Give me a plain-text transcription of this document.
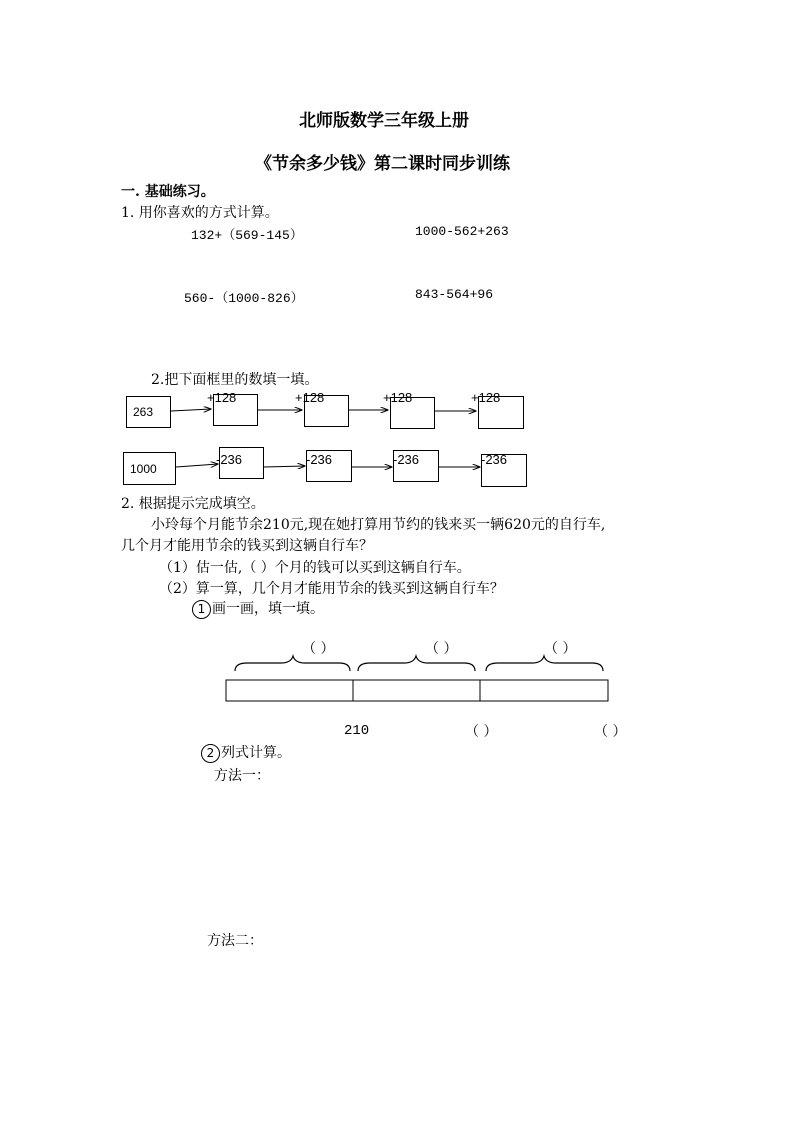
北师版数学三年级上册
《节余多少钱》第二课时同步训练
一. 基础练习。
1. 用你喜欢的方式计算。
132+（569-145）	1000-562+263
560-（1000-826）	843-564+96
2.把下面框里的数填一填。
263
+128	+128	+128	+128
1000
-236	-236	-236	-236
2. 根据提示完成填空。
小玲每个月能节余210元,现在她打算用节约的钱来买一辆620元的自行车,
几个月才能用节余的钱买到这辆自行车？
（1）估一估,（ ）个月的钱可以买到这辆自行车。
（2）算一算，几个月才能用节余的钱买到这辆自行车？
1 画一画，填一填。
（ ）	（ ）	（ ）
210	（ ）	（ ）
2 列式计算。
方法一：
方法二：
